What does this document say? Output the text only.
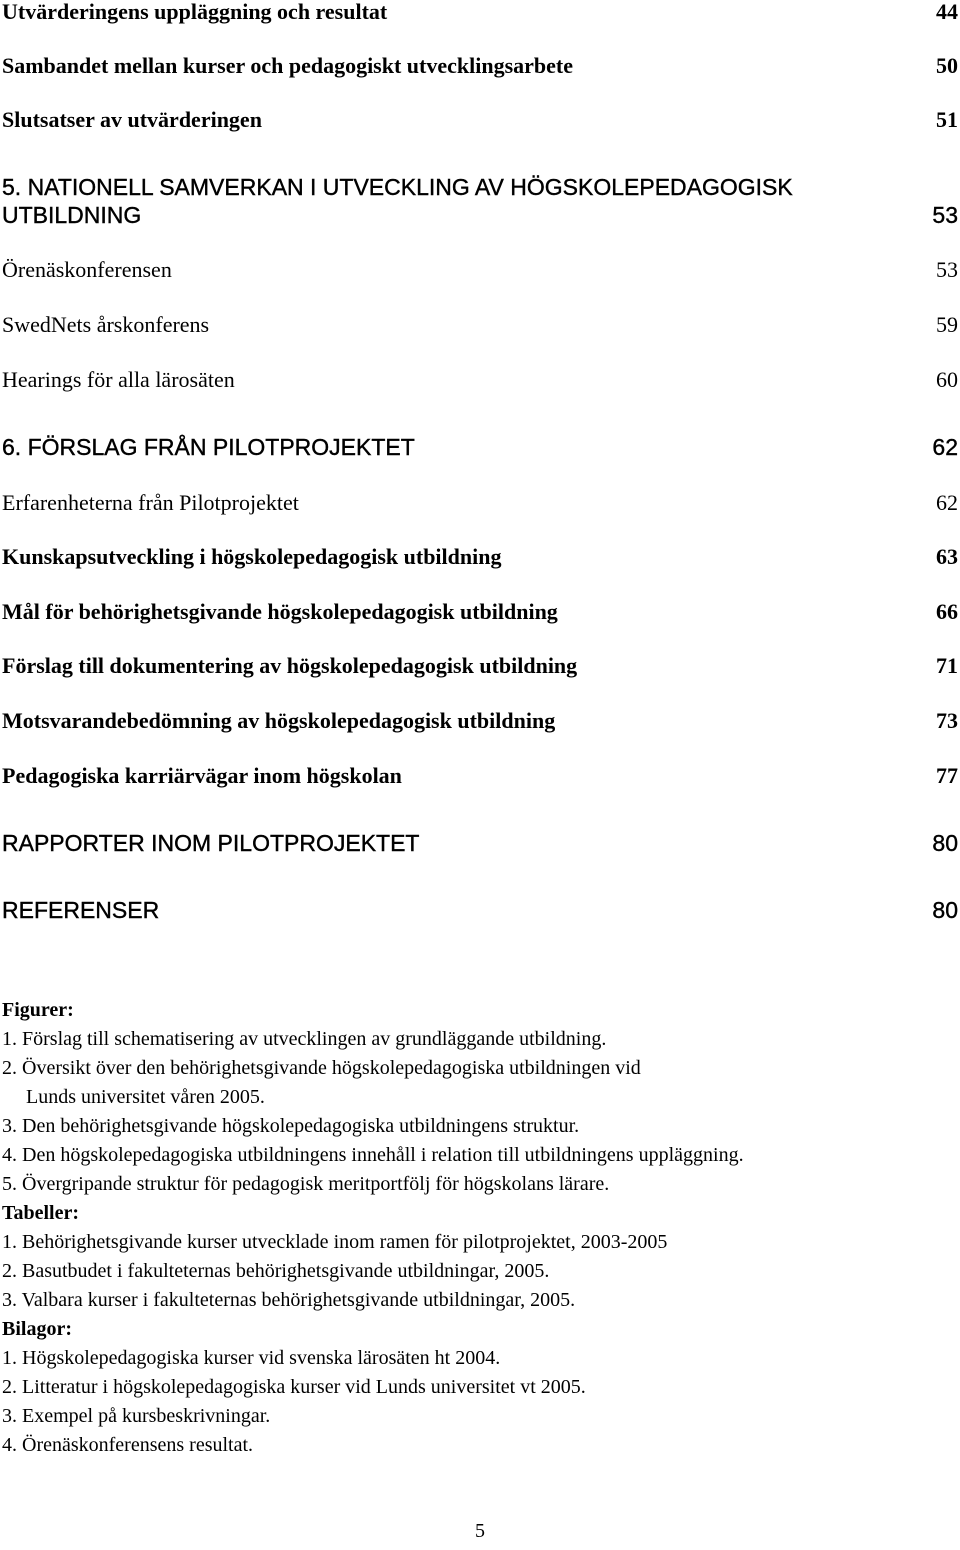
Utvärderingens uppläggning och resultat	44
Sambandet mellan kurser och pedagogiskt utvecklingsarbete	50
Slutsatser av utvärderingen	51
5. NATIONELL SAMVERKAN I UTVECKLING AV HÖGSKOLEPEDAGOGISK
UTBILDNING	53
Örenäskonferensen	53
SwedNets årskonferens	59
Hearings för alla lärosäten	60
6. FÖRSLAG FRÅN PILOTPROJEKTET	62
Erfarenheterna från Pilotprojektet	62
Kunskapsutveckling i högskolepedagogisk utbildning	63
Mål för behörighetsgivande högskolepedagogisk utbildning	66
Förslag till dokumentering av högskolepedagogisk utbildning	71
Motsvarandebedömning av högskolepedagogisk utbildning	73
Pedagogiska karriärvägar inom högskolan	77
RAPPORTER INOM PILOTPROJEKTET	80
REFERENSER	80
Figurer:
1. Förslag till schematisering av utvecklingen av grundläggande utbildning.
2. Översikt över den behörighetsgivande högskolepedagogiska utbildningen vid
Lunds universitet våren 2005.
3. Den behörighetsgivande högskolepedagogiska utbildningens struktur.
4. Den högskolepedagogiska utbildningens innehåll i relation till utbildningens uppläggning.
5. Övergripande struktur för pedagogisk meritportfölj för högskolans lärare.
Tabeller:
1. Behörighetsgivande kurser utvecklade inom ramen för pilotprojektet, 2003-2005
2. Basutbudet i fakulteternas behörighetsgivande utbildningar, 2005.
3. Valbara kurser i fakulteternas behörighetsgivande utbildningar, 2005.
Bilagor:
1. Högskolepedagogiska kurser vid svenska lärosäten ht 2004.
2. Litteratur i högskolepedagogiska kurser vid Lunds universitet vt 2005.
3. Exempel på kursbeskrivningar.
4. Örenäskonferensens resultat.
5
